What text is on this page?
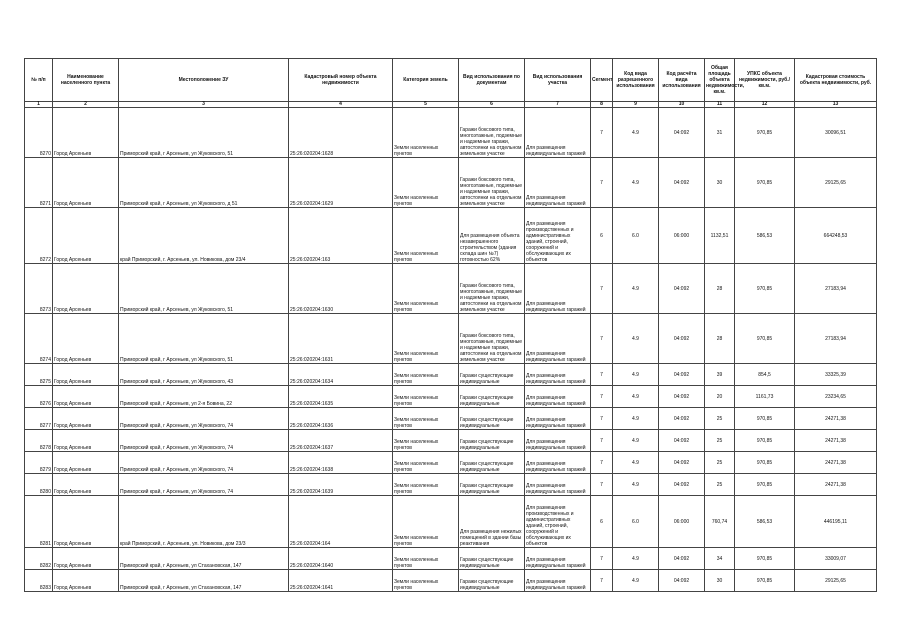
№ п/п	Наименование населенного пункта	Местоположение ЗУ	Кадастровый номер объекта недвижимости	Категория земель	Вид использования по документам	Вид использования участка	Сегмент	Код вида разрешенного использования	Код расчёта вида использования	Общая площадь объекта недвижимости, кв.м.	УПКС объекта недвижимости, руб./кв.м.	Кадастровая стоимость объекта недвижимости, руб.
1	2	3	4	5	6	7	8	9	10	11	12	13
8270	Город Арсеньев	Приморский край, г Арсеньев, ул Жуковского, 51	25:26:020204:1628	Земли населенных пунктов	Гаражи боксового типа, многоэтажные, подземные и надземные гаражи, автостоянки на отдельном земельном участке	Для размещения индивидуальных гаражей	7	4.9	04:092	31	970,85	30096,51
8271	Город Арсеньев	Приморский край, г Арсеньев, ул Жуковского, д 51	25:26:020204:1629	Земли населенных пунктов	Гаражи боксового типа, многоэтажные, подземные и надземные гаражи, автостоянки на отдельном земельном участке	Для размещения индивидуальных гаражей	7	4.9	04:092	30	970,85	29125,65
8272	Город Арсеньев	край Приморский, г. Арсеньев, ул. Новикова, дом 23/4	25:26:020204:163	Земли населенных пунктов	Для размещения объекта незавершенного строительством (здания склада шин №7) готовностью 62%	Для размещения производственных и административных зданий, строений, сооружений и обслуживающих их объектов	6	6.0	06:000	1132,51	586,53	664248,53
8273	Город Арсеньев	Приморский край, г Арсеньев, ул Жуковского, 51	25:26:020204:1630	Земли населенных пунктов	Гаражи боксового типа, многоэтажные, подземные и надземные гаражи, автостоянки на отдельном земельном участке	Для размещения индивидуальных гаражей	7	4.9	04:092	28	970,85	27183,94
8274	Город Арсеньев	Приморский край, г Арсеньев, ул Жуковского, 51	25:26:020204:1631	Земли населенных пунктов	Гаражи боксового типа, многоэтажные, подземные и надземные гаражи, автостоянки на отдельном земельном участке	Для размещения индивидуальных гаражей	7	4.9	04:092	28	970,85	27183,94
8275	Город Арсеньев	Приморский край, г Арсеньев, ул Жуковского, 43	25:26:020204:1634	Земли населенных пунктов	Гаражи существующие индивидуальные	Для размещения индивидуальных гаражей	7	4.9	04:092	39	854,5	33325,39
8276	Город Арсеньев	Приморский край, г Арсеньев, ул 2-я Бовина, 22	25:26:020204:1635	Земли населенных пунктов	Гаражи существующие индивидуальные	Для размещения индивидуальных гаражей	7	4.9	04:092	20	1161,73	23234,65
8277	Город Арсеньев	Приморский край, г Арсеньев, ул Жуковского, 74	25:26:020204:1636	Земли населенных пунктов	Гаражи существующие индивидуальные	Для размещения индивидуальных гаражей	7	4.9	04:092	25	970,85	24271,38
8278	Город Арсеньев	Приморский край, г Арсеньев, ул Жуковского, 74	25:26:020204:1637	Земли населенных пунктов	Гаражи существующие индивидуальные	Для размещения индивидуальных гаражей	7	4.9	04:092	25	970,85	24271,38
8279	Город Арсеньев	Приморский край, г Арсеньев, ул Жуковского, 74	25:26:020204:1638	Земли населенных пунктов	Гаражи существующие индивидуальные	Для размещения индивидуальных гаражей	7	4.9	04:092	25	970,85	24271,38
8280	Город Арсеньев	Приморский край, г Арсеньев, ул Жуковского, 74	25:26:020204:1639	Земли населенных пунктов	Гаражи существующие индивидуальные	Для размещения индивидуальных гаражей	7	4.9	04:092	25	970,85	24271,38
8281	Город Арсеньев	край Приморский, г. Арсеньев, ул. Новикова, дом 23/3	25:26:020204:164	Земли населенных пунктов	Для размещения нежилых помещений в здании базы реактивания	Для размещения производственных и административных зданий, строений, сооружений и обслуживающих их объектов	6	6.0	06:000	760,74	586,53	446195,11
8282	Город Арсеньев	Приморский край, г Арсеньев, ул Стахановская, 147	25:26:020204:1640	Земли населенных пунктов	Гаражи существующие индивидуальные	Для размещения индивидуальных гаражей	7	4.9	04:092	34	970,85	33009,07
8283	Город Арсеньев	Приморский край, г Арсеньев, ул Стахановская, 147	25:26:020204:1641	Земли населенных пунктов	Гаражи существующие индивидуальные	Для размещения индивидуальных гаражей	7	4.9	04:092	30	970,85	29125,65
